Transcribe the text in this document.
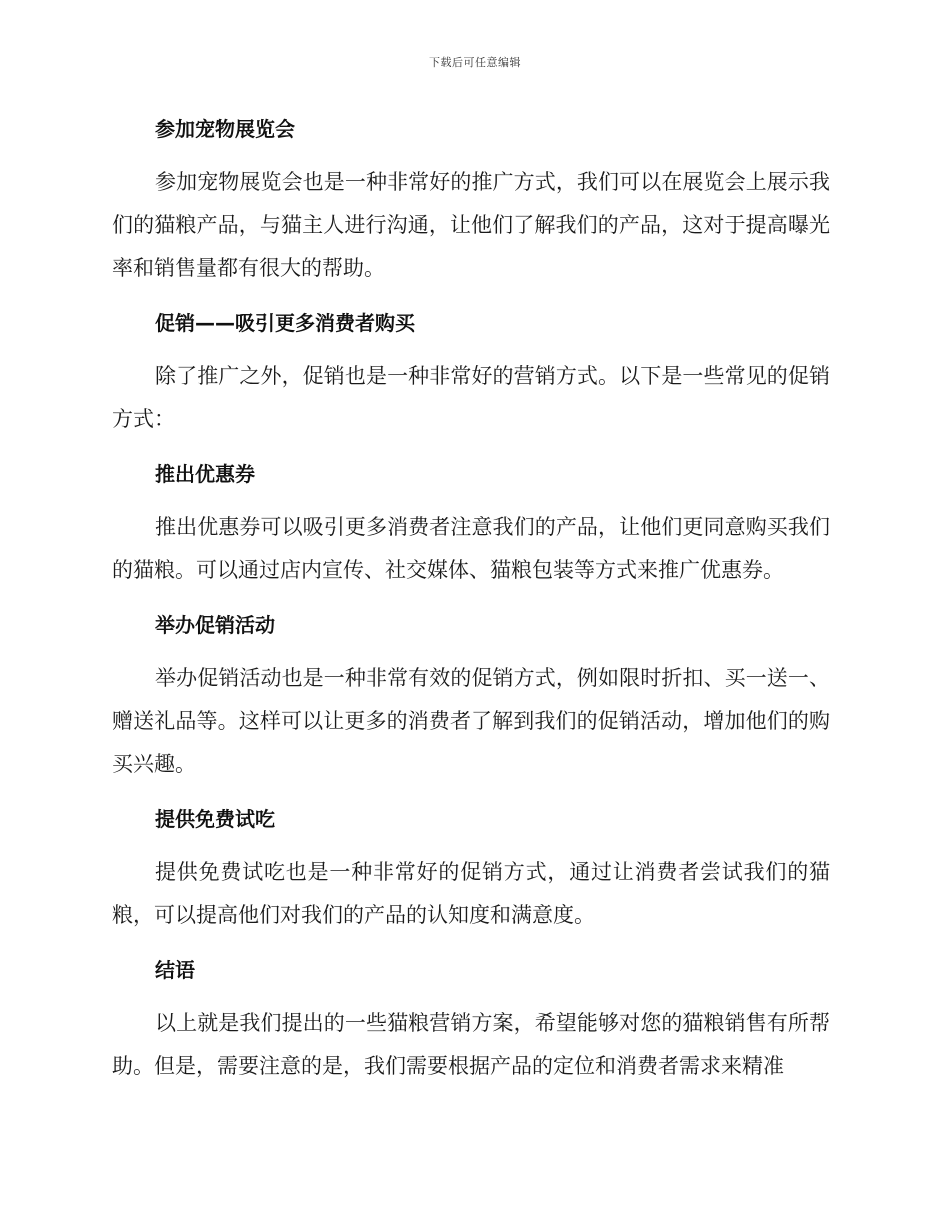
下载后可任意编辑
参加宠物展览会

参加宠物展览会也是一种非常好的推广方式，我们可以在展览会上展示我们的猫粮产品，与猫主人进行沟通，让他们了解我们的产品，这对于提高曝光率和销售量都有很大的帮助。

促销——吸引更多消费者购买

除了推广之外，促销也是一种非常好的营销方式。以下是一些常见的促销方式：

推出优惠券

推出优惠券可以吸引更多消费者注意我们的产品，让他们更同意购买我们的猫粮。可以通过店内宣传、社交媒体、猫粮包装等方式来推广优惠券。

举办促销活动

举办促销活动也是一种非常有效的促销方式，例如限时折扣、买一送一、赠送礼品等。这样可以让更多的消费者了解到我们的促销活动，增加他们的购买兴趣。

提供免费试吃

提供免费试吃也是一种非常好的促销方式，通过让消费者尝试我们的猫粮，可以提高他们对我们的产品的认知度和满意度。

结语

以上就是我们提出的一些猫粮营销方案，希望能够对您的猫粮销售有所帮助。但是，需要注意的是，我们需要根据产品的定位和消费者需求来精准
